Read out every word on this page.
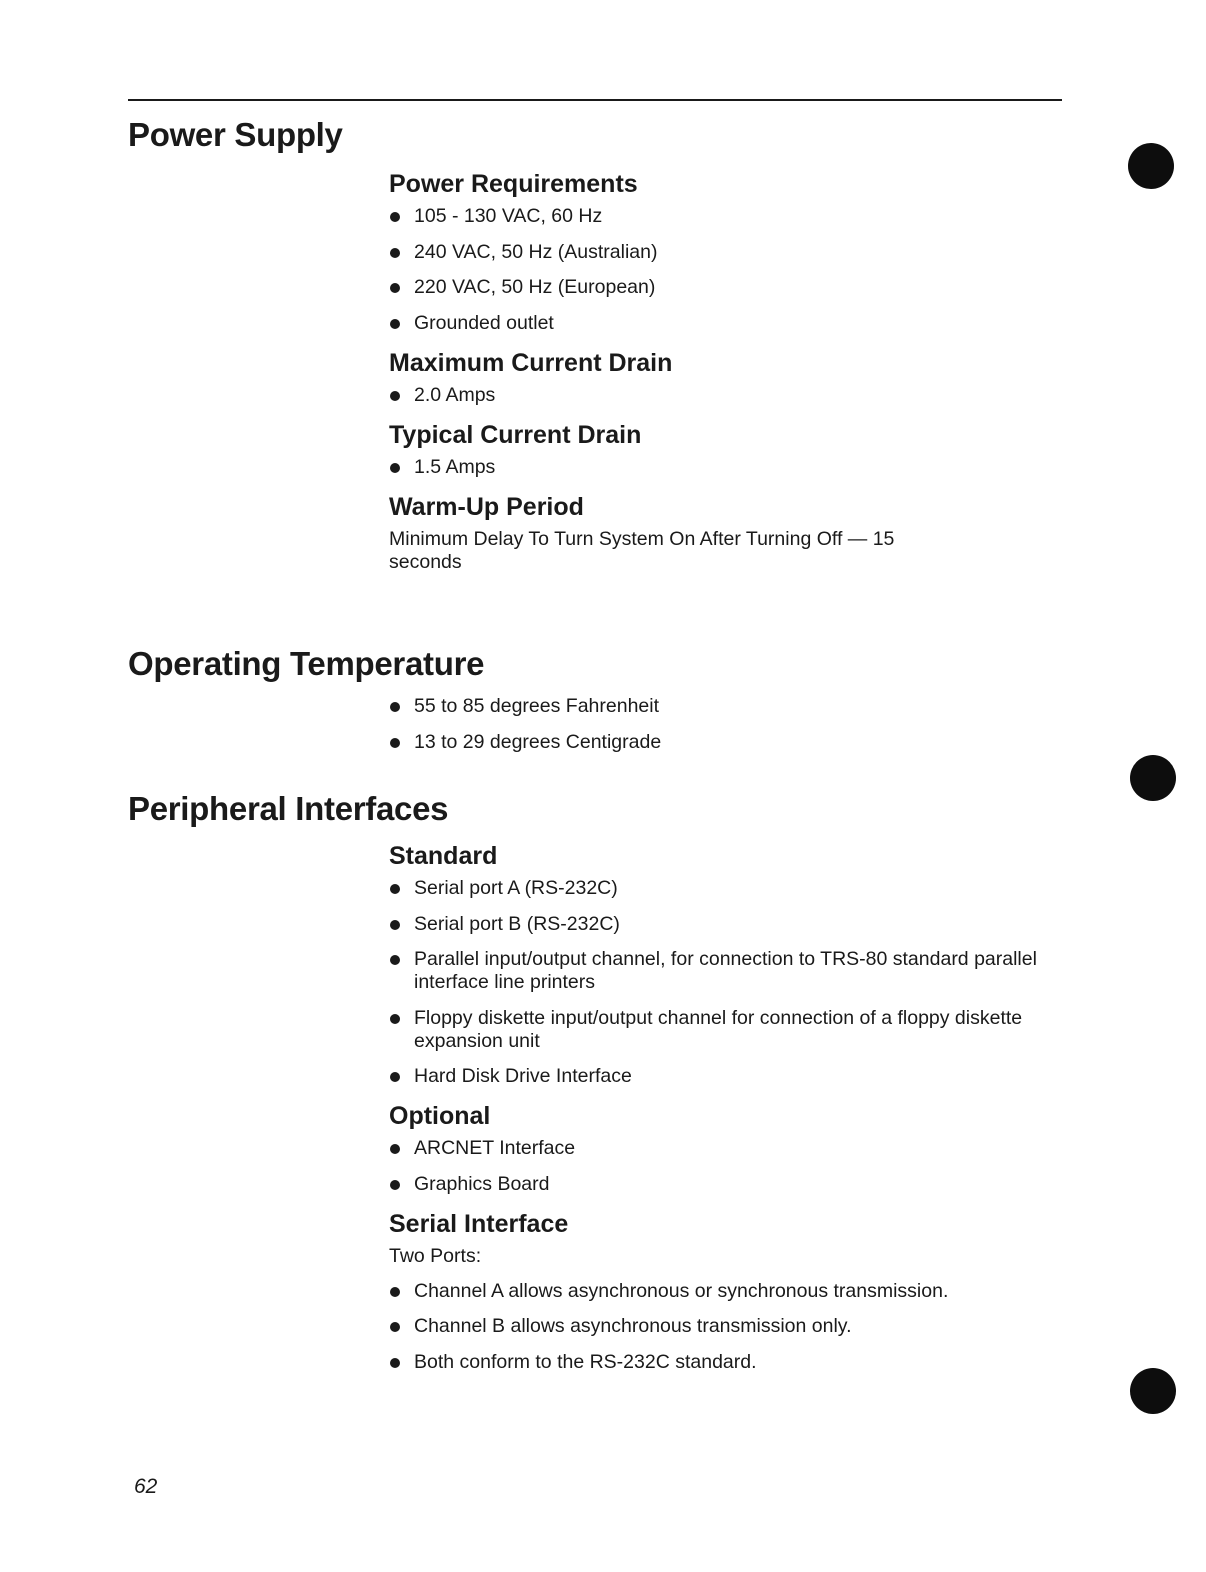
Power Supply
Power Requirements
105 - 130 VAC, 60 Hz
240 VAC, 50 Hz (Australian)
220 VAC, 50 Hz (European)
Grounded outlet
Maximum Current Drain
2.0 Amps
Typical Current Drain
1.5 Amps
Warm-Up Period

Minimum Delay To Turn System On After Turning Off — 15
seconds

Operating Temperature
55 to 85 degrees Fahrenheit
13 to 29 degrees Centigrade
Peripheral Interfaces
Standard
Serial port A (RS-232C)
Serial port B (RS-232C)
Parallel input/output channel, for connection to TRS-80 standard parallel interface line printers
Floppy diskette input/output channel for connection of a floppy diskette expansion unit
Hard Disk Drive Interface
Optional
ARCNET Interface
Graphics Board
Serial Interface

Two Ports:

Channel A allows asynchronous or synchronous transmission.
Channel B allows asynchronous transmission only.
Both conform to the RS-232C standard.
62
